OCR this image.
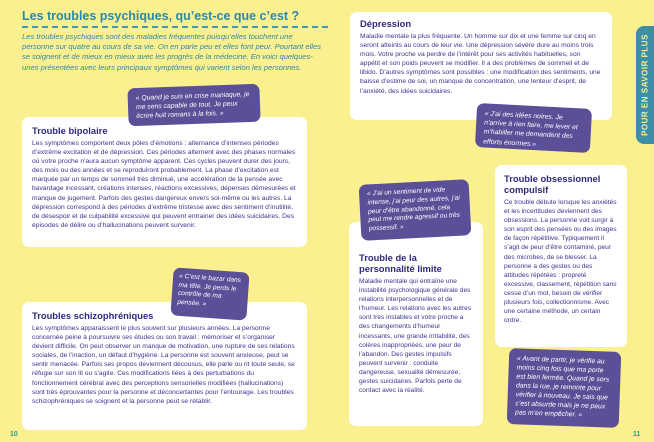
Les troubles psychiques, qu’est-ce que c’est ?
Les troubles psychiques sont des maladies fréquentes puisqu’elles touchent une personne sur quatre au cours de sa vie. On en parle peu et elles font peur. Pourtant elles se soignent et de mieux en mieux avec les progrès de la médecine. En voici quelques-unes présentées avec leurs principaux symptômes qui varient selon les personnes.
Trouble bipolaire

Les symptômes comportent deux pôles d’émotions : alternance d’intenses périodes d’extrême excitation et de dépression. Ces périodes alternent avec des phases normales où votre proche n’aura aucun symptôme apparent. Ces cycles peuvent durer des jours, des mois ou des années et se reproduiront probablement. La phase d’excitation est marquée par un temps de sommeil très diminué, une accélération de la pensée avec bavardage incessant, créations intenses, réactions excessives, dépenses démesurées et manque de jugement. Parfois des gestes dangereux envers soi-même ou les autres. La dépression correspond à des périodes d’extrême tristesse avec des sentiment d’inutilité, de désespoir et de culpabilité excessive qui peuvent entrainer des idées suicidaires. Des épisodes de délire ou d’hallucinations peuvent survenir.

« Quand je suis en crise maniaque, je me sens capable de tout. Je peux écrire huit romans à la fois. »
Troubles schizophréniques

Les symptômes apparaissent le plus souvent sur plusieurs années. La personne concernée peine à poursuivre ses études ou son travail : mémoriser et s’organiser devient difficile. On peut observer un manque de motivation, une rupture de ses relations sociales, de l’inaction, un défaut d’hygiène. La personne est souvent anxieuse, peut se sentir menacée. Parfois ses propos deviennent décousus, elle parle ou rit toute seule, se réfugie sur son lit ou s’agite. Ces modifications liées à des perturbations du fonctionnement cérébral avec des perceptions sensorielles modifiées (hallucinations) sont très éprouvantes pour la personne et déconcertantes pour l’entourage. Les troubles schizophréniques se soignent et la personne peut se rétablir.

« C’est le bazar dans ma tête. Je perds le contrôle de ma pensée. »
Dépression

Maladie mentale la plus fréquente. Un homme sur dix et une femme sur cinq en seront atteints au cours de leur vie. Une dépression sévère dure au moins trois mois. Votre proche va perdre de l’intérêt pour ses activités habituelles, son appétit et son poids peuvent se modifier. Il a des problèmes de sommeil et de libido. D’autres symptômes sont possibles : une modification des sentiments, une baisse d’estime de soi, un manque de concentration, une lenteur d’esprit, de l’anxiété, des idées suicidaires.

« J’ai des idées noires. Je n’arrive à rien faire, me lever et m’habiller me demandent des efforts énormes.»
Trouble de la personnalité limite

Maladie mentale qui entraîne une instabilité psychologique générale des relations interpersonnelles et de l’humeur. Les relations avec les autres sont très instables et votre proche a des changements d’humeur incessants, une grande irritabilité, des colères inappropriées, une peur de l’abandon. Des gestes impulsifs peuvent survenir : conduite dangereuse, sexualité démesurée, gestes suicidaires. Parfois perte de contact avec la réalité.

« J’ai un sentiment de vide intense, j’ai peur des autres, j’ai peur d’être abandonné, cela peut me rendre agressif ou très possessif. »
Trouble obsessionnel compulsif

Ce trouble débute lorsque les anxiétés et les incertitudes deviennent des obsessions. La personne voit surgir à son esprit des pensées ou des images de façon répétitive. Typiquement il s’agit de peur d’être contaminé, peur des microbes, de se blesser. La personne a des gestes ou des attitudes répétées : propreté excessive, classement, répétition sans cesse d’un mot, besoin de vérifier plusieurs fois, collectionnisme. Avec une certaine méthode, un certain ordre.

« Avant de partir, je vérifie au moins cinq fois que ma porte est bien fermée. Quand je sors dans la rue, je remonte pour vérifier à nouveau. Je sais que c’est absurde mais je ne peux pas m’en empêcher. »
POUR EN SAVOIR PLUS
10	11
